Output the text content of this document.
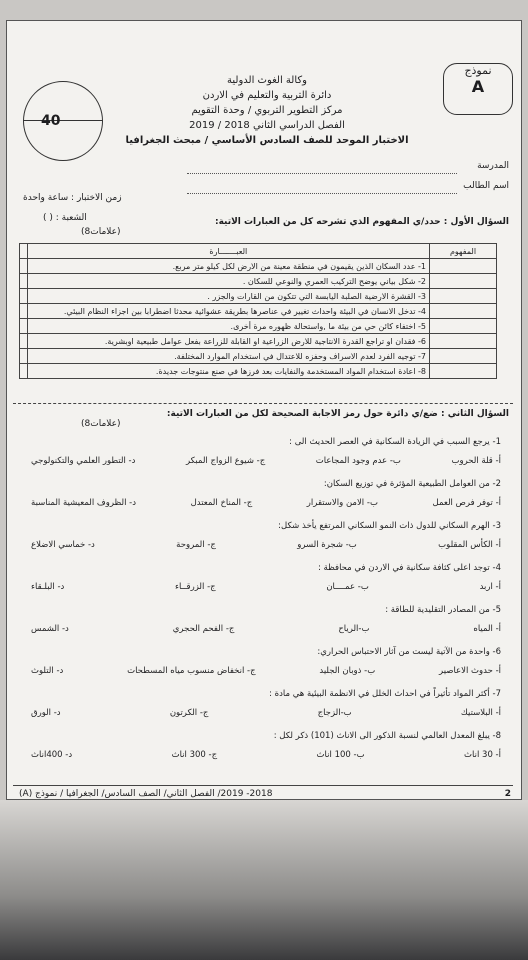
40
نموذج
A
وكالة الغوث الدولية
دائرة التربية والتعليم في الاردن
مركز التطوير التربوي / وحدة التقويم
الفصل الدراسي الثاني 2018 / 2019
الاختبار الموحد للصف السادس الأساسي / مبحث الجغرافيا
المدرسة
اسم الطالب
زمن الاختبار : ساعة واحدة
الشعبة : ( )	السؤال الأول : حدد/ي المفهوم الذي تشرحه كل من العبارات الاتية:
(8علامات)
المفهوم	العبـــــــارة	
	1- عدد السكان الذين يقيمون في منطقة معينة من الارض لكل كيلو متر مربع.	
	2- شكل بياني يوضح التركيب العمري والنوعي للسكان .	
	3- القشرة الارضية الصلبة اليابسة التي تتكون من القارات والجزر .	
	4- تدخل الانسان في البيئة واحداث تغيير في عناصرها بطريقة عشوائية محدثا اضطرابا بين اجزاء النظام البيئي.	
	5- اختفاء كائن حي من بيئة ما ,واستحالة ظهوره مرة أخرى.	
	6- فقدان او تراجع القدرة الانتاجية للارض الزراعية او القابلة للزراعة بفعل عوامل طبيعية اوبشرية.	
	7- توجيه الفرد لعدم الاسراف وحفزه للاعتدال في استخدام الموارد المختلفة.	
	8- اعادة استخدام المواد المستخدمة والنفايات بعد فرزها في صنع منتوجات جديدة.	
السؤال الثاني : ضع/ي دائرة حول رمز الاجابة الصحيحة لكل من العبارات الاتية:
(8علامات)
1- يرجع السبب في الزيادة السكانية في العصر الحديث الى :
أ- قلة الحروب
ب- عدم وجود المجاعات
ج- شيوع الزواج المبكر
د- التطور العلمي والتكنولوجي
2- من العوامل الطبيعية المؤثرة في توزيع السكان:
أ- توفر فرص العمل
ب- الامن والاستقرار
ج- المناخ المعتدل
د- الظروف المعيشية المناسبة
3- الهرم السكاني للدول ذات النمو السكاني المرتفع يأخذ شكل:
أ- الكأس المقلوب
ب- شجرة السرو
ج- المروحة
د- خماسي الاضلاع
4- توجد اعلى كثافة سكانية في الاردن في محافظة :
أ- اربد
ب- عمــــان
ج- الزرقــاء
د- البلـقاء
5- من المصادر التقليدية للطاقة :
أ- المياه
ب-الرياح
ج- الفحم الحجري
د- الشمس
6- واحدة من الآتية ليست من آثار الاحتباس الحراري:
أ- حدوث الاعاصير
ب- ذوبان الجليد
ج- انخفاض منسوب مياه المسطحات
د- التلوث
7- أكثر المواد تأثيراً في احداث الخلل في الانظمة البيئية هي مادة :
أ- البلاستيك
ب-الزجاج
ج- الكرتون
د- الورق
8- يبلغ المعدل العالمي لنسبة الذكور الى الاناث (101) ذكر لكل :
أ- 30 اناث
ب- 100 اناث
ج- 300 اناث
د- 400اناث
2018- 2019/ الفصل الثاني/ الصف السادس/ الجغرافيا / نموذج (A)	2
